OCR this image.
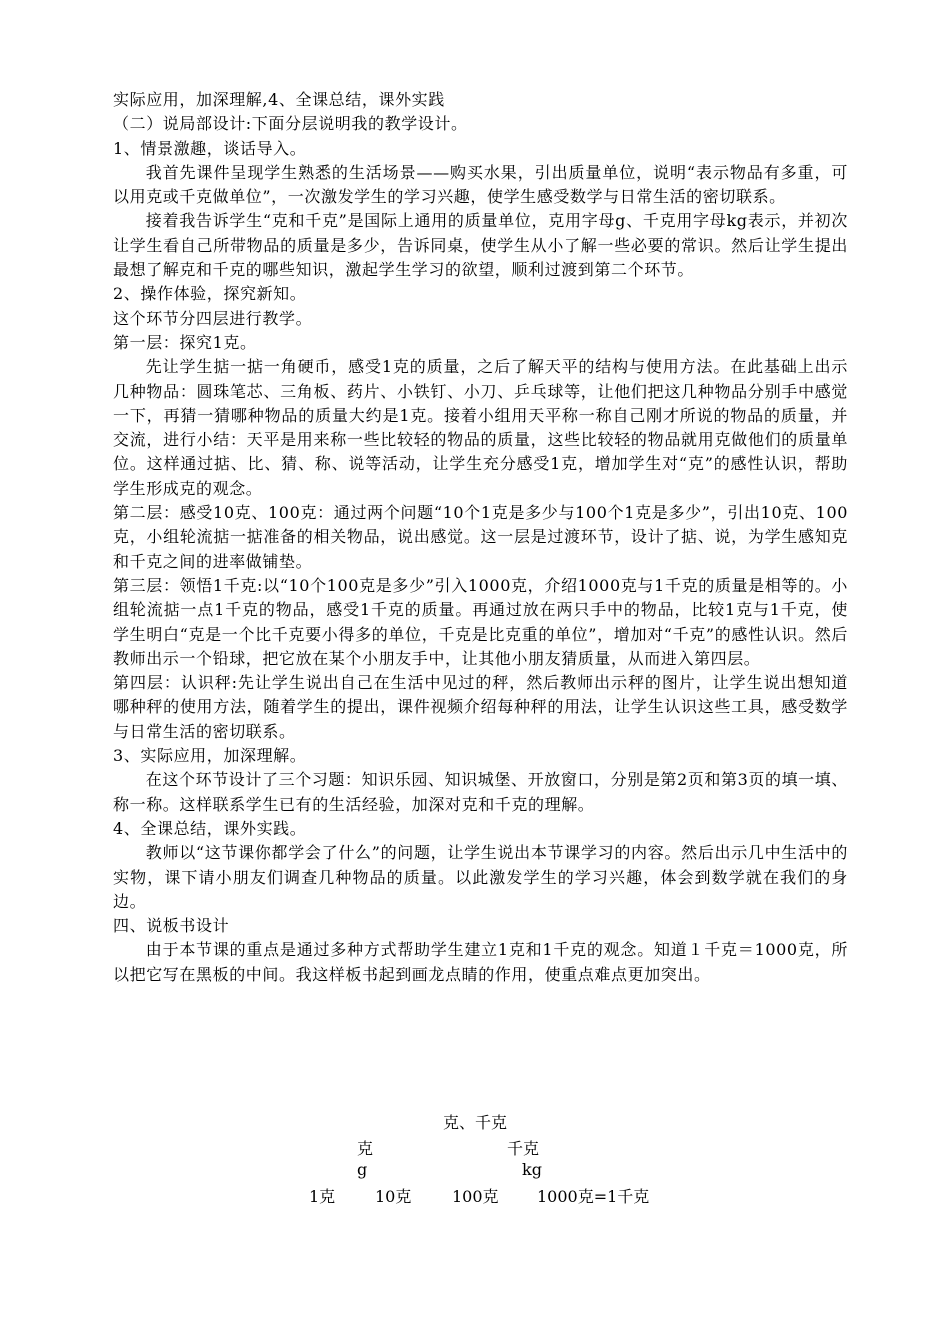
实际应用，加深理解,4、全课总结，课外实践

（二）说局部设计:下面分层说明我的教学设计。

1、情景激趣，谈话导入。

我首先课件呈现学生熟悉的生活场景——购买水果，引出质量单位，说明“表示物品有多重，可以用克或千克做单位”，一次激发学生的学习兴趣，使学生感受数学与日常生活的密切联系。

接着我告诉学生“克和千克”是国际上通用的质量单位，克用字母g、千克用字母kg表示，并初次让学生看自己所带物品的质量是多少，告诉同桌，使学生从小了解一些必要的常识。然后让学生提出最想了解克和千克的哪些知识，激起学生学习的欲望，顺利过渡到第二个环节。

2、操作体验，探究新知。

这个环节分四层进行教学。

第一层：探究1克。

先让学生掂一掂一角硬币，感受1克的质量，之后了解天平的结构与使用方法。在此基础上出示几种物品：圆珠笔芯、三角板、药片、小铁钉、小刀、乒乓球等，让他们把这几种物品分别手中感觉一下，再猜一猜哪种物品的质量大约是1克。接着小组用天平称一称自己刚才所说的物品的质量，并交流，进行小结：天平是用来称一些比较轻的物品的质量，这些比较轻的物品就用克做他们的质量单位。这样通过掂、比、猜、称、说等活动，让学生充分感受1克，增加学生对“克”的感性认识，帮助学生形成克的观念。

第二层：感受10克、100克：通过两个问题“10个1克是多少与100个1克是多少”，引出10克、100克，小组轮流掂一掂准备的相关物品，说出感觉。这一层是过渡环节，设计了掂、说，为学生感知克和千克之间的进率做铺垫。

第三层：领悟1千克:以“10个100克是多少”引入1000克，介绍1000克与1千克的质量是相等的。小组轮流掂一点1千克的物品，感受1千克的质量。再通过放在两只手中的物品，比较1克与1千克，使学生明白“克是一个比千克要小得多的单位，千克是比克重的单位”，增加对“千克”的感性认识。然后教师出示一个铅球，把它放在某个小朋友手中，让其他小朋友猜质量，从而进入第四层。

第四层：认识秤:先让学生说出自己在生活中见过的秤，然后教师出示秤的图片，让学生说出想知道哪种秤的使用方法，随着学生的提出，课件视频介绍每种秤的用法，让学生认识这些工具，感受数学与日常生活的密切联系。

3、实际应用，加深理解。

在这个环节设计了三个习题：知识乐园、知识城堡、开放窗口，分别是第2页和第3页的填一填、称一称。这样联系学生已有的生活经验，加深对克和千克的理解。

4、全课总结，课外实践。

教师以“这节课你都学会了什么”的问题，让学生说出本节课学习的内容。然后出示几中生活中的实物，课下请小朋友们调查几种物品的质量。以此激发学生的学习兴趣，体会到数学就在我们的身边。

四、说板书设计

由于本节课的重点是通过多种方式帮助学生建立1克和1千克的观念。知道１千克＝1000克，所以把它写在黑板的中间。我这样板书起到画龙点睛的作用，使重点难点更加突出。

克、千克
克	千克
g	kg
1克 10克	100克 1000克=1千克
